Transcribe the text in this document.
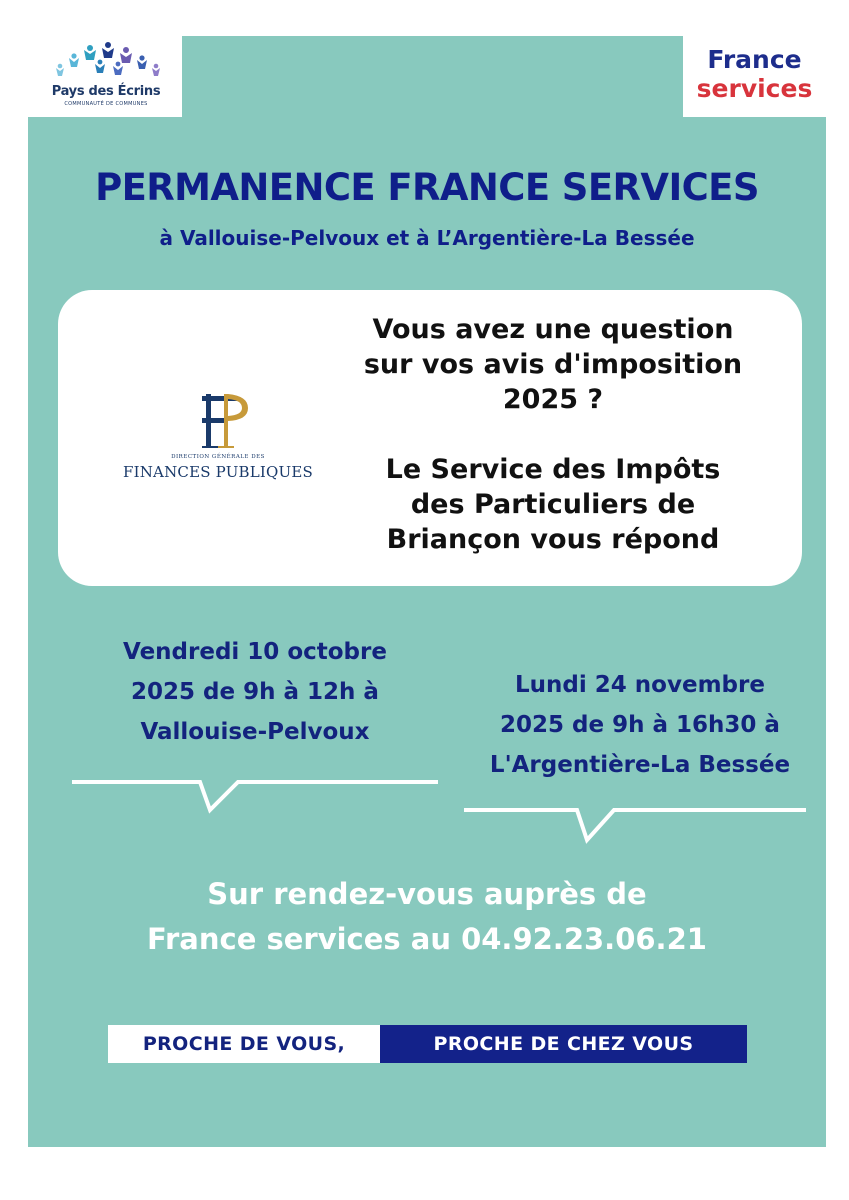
Pays des Écrins
COMMUNAUTÉ DE COMMUNES
France
services
PERMANENCE FRANCE SERVICES
à Vallouise-Pelvoux et à L’Argentière-La Bessée
DIRECTION GÉNÉRALE DES
FINANCES PUBLIQUES

Vous avez une question

sur vos avis d'imposition

2025 ?

Le Service des Impôts

des Particuliers de

Briançon vous répond

Vendredi 10 octobre

2025 de 9h à 12h à

Vallouise-Pelvoux

Lundi 24 novembre

2025 de 9h à 16h30 à

L'Argentière-La Bessée

Sur rendez-vous auprès de

France services au 04.92.23.06.21

PROCHE DE VOUS,	PROCHE DE CHEZ VOUS
